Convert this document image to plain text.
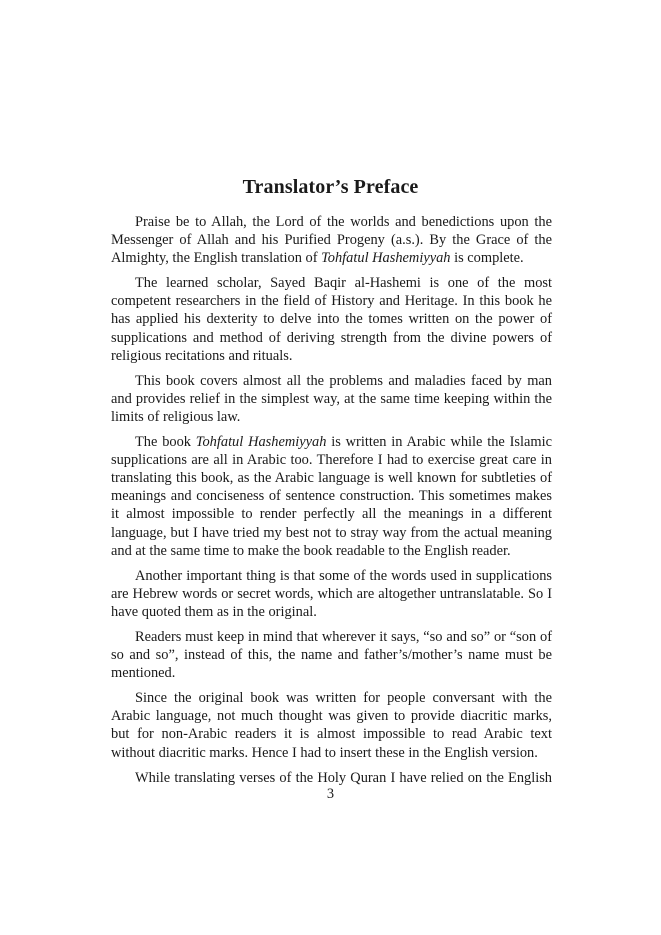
Translator’s Preface

Praise be to Allah, the Lord of the worlds and benedictions upon the Messenger of Allah and his Purified Progeny (a.s.). By the Grace of the Almighty, the English translation of Tohfatul Hashemiyyah is complete.

The learned scholar, Sayed Baqir al-Hashemi is one of the most competent researchers in the field of History and Heritage. In this book he has applied his dexterity to delve into the tomes written on the power of supplications and method of deriving strength from the divine powers of religious recitations and rituals.

This book covers almost all the problems and maladies faced by man and provides relief in the simplest way, at the same time keeping within the limits of religious law.

The book Tohfatul Hashemiyyah is written in Arabic while the Islamic supplications are all in Arabic too. Therefore I had to exercise great care in translating this book, as the Arabic language is well known for subtleties of meanings and conciseness of sentence construction. This sometimes makes it almost impossible to render perfectly all the meanings in a different language, but I have tried my best not to stray way from the actual meaning and at the same time to make the book readable to the English reader.

Another important thing is that some of the words used in supplications are Hebrew words or secret words, which are altogether untranslatable. So I have quoted them as in the original.

Readers must keep in mind that wherever it says, “so and so” or “son of so and so”, instead of this, the name and father’s/mother’s name must be mentioned.

Since the original book was written for people conversant with the Arabic language, not much thought was given to provide diacritic marks, but for non-Arabic readers it is almost impossible to read Arabic text without diacritic marks. Hence I had to insert these in the English version.

While translating verses of the Holy Quran I have relied on the English

3
